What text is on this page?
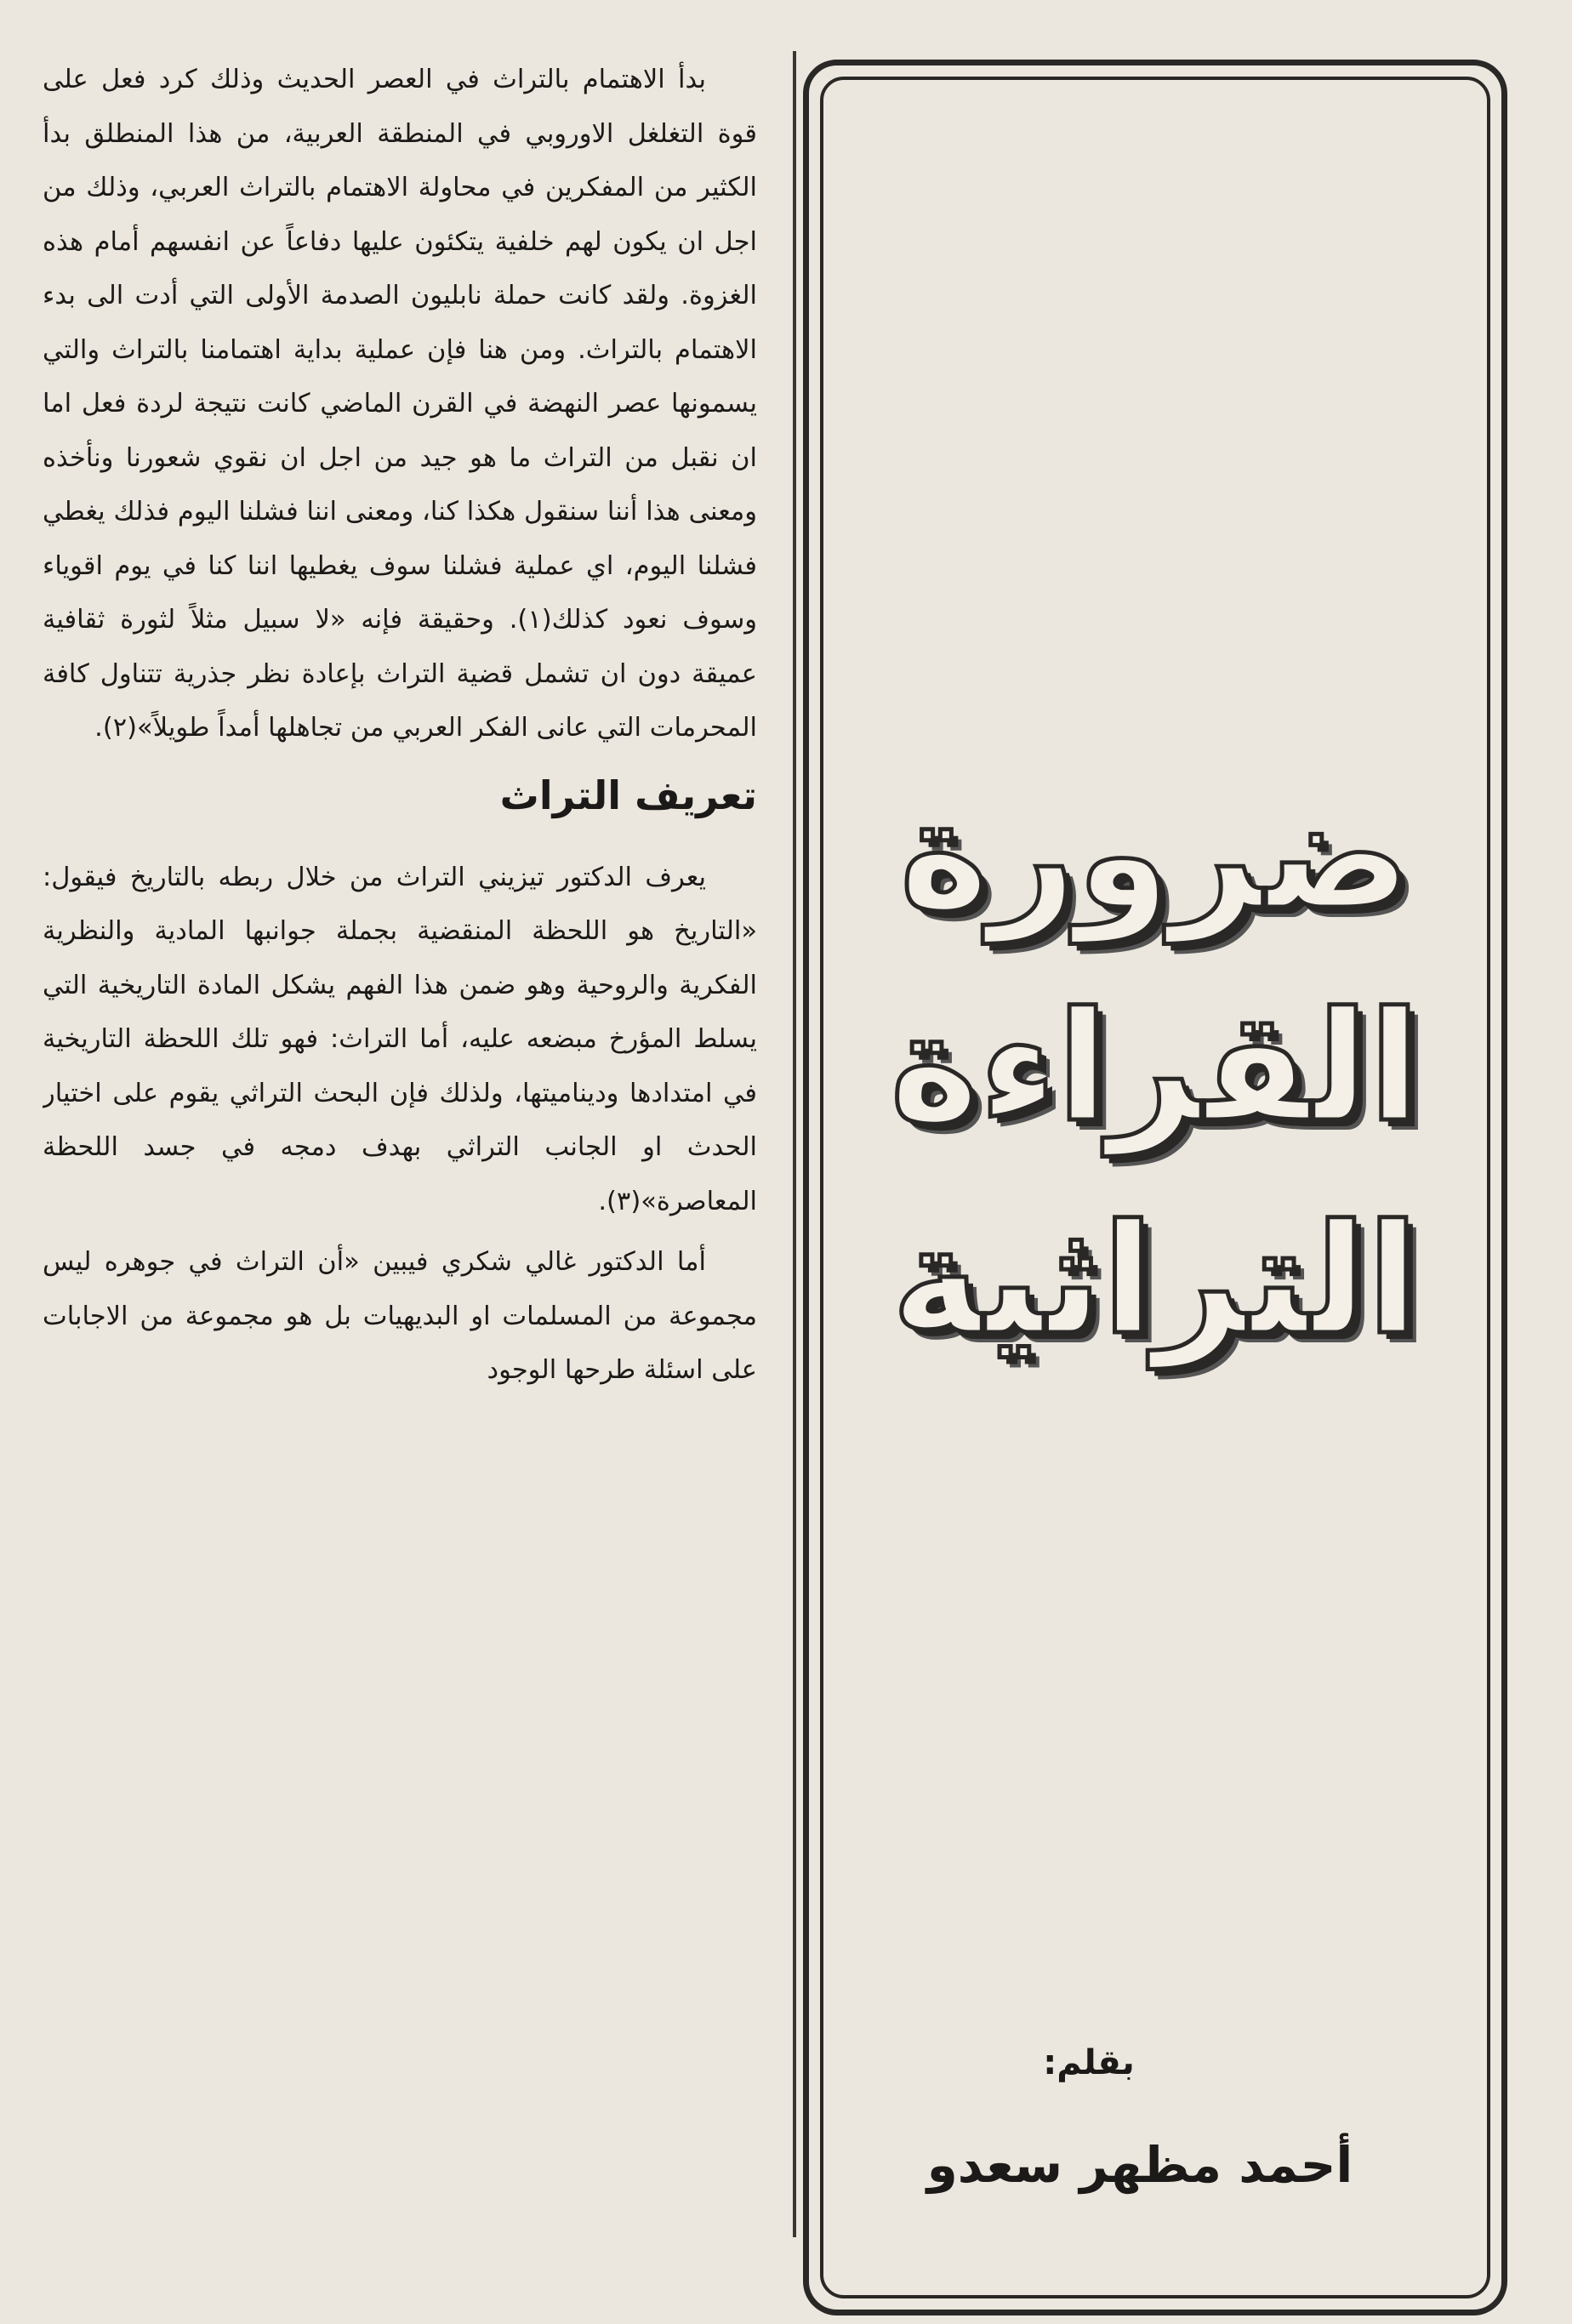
بدأ الاهتمام بالتراث في العصر الحديث وذلك كرد فعل على قوة التغلغل الاوروبي في المنطقة العربية، من هذا المنطلق بدأ الكثير من المفكرين في محاولة الاهتمام بالتراث العربي، وذلك من اجل ان يكون لهم خلفية يتكئون عليها دفاعاً عن انفسهم أمام هذه الغزوة. ولقد كانت حملة نابليون الصدمة الأولى التي أدت الى بدء الاهتمام بالتراث. ومن هنا فإن عملية بداية اهتمامنا بالتراث والتي يسمونها عصر النهضة في القرن الماضي كانت نتيجة لردة فعل اما ان نقبل من التراث ما هو جيد من اجل ان نقوي شعورنا ونأخذه ومعنى هذا أننا سنقول هكذا كنا، ومعنى اننا فشلنا اليوم فذلك يغطي فشلنا اليوم، اي عملية فشلنا سوف يغطيها اننا كنا في يوم اقوياء وسوف نعود كذلك(١). وحقيقة فإنه «لا سبيل مثلاً لثورة ثقافية عميقة دون ان تشمل قضية التراث بإعادة نظر جذرية تتناول كافة المحرمات التي عانى الفكر العربي من تجاهلها أمداً طويلاً»(٢).

تعريف التراث

يعرف الدكتور تيزيني التراث من خلال ربطه بالتاريخ فيقول: «التاريخ هو اللحظة المنقضية بجملة جوانبها المادية والنظرية الفكرية والروحية وهو ضمن هذا الفهم يشكل المادة التاريخية التي يسلط المؤرخ مبضعه عليه، أما التراث: فهو تلك اللحظة التاريخية في امتدادها وديناميتها، ولذلك فإن البحث التراثي يقوم على اختيار الحدث او الجانب التراثي بهدف دمجه في جسد اللحظة المعاصرة»(٣).

أما الدكتور غالي شكري فيبين «أن التراث في جوهره ليس مجموعة من المسلمات او البديهيات بل هو مجموعة من الاجابات على اسئلة طرحها الوجود

ضرورة
القراءة
التراثية
بقلم:
أحمد مظهر سعدو
